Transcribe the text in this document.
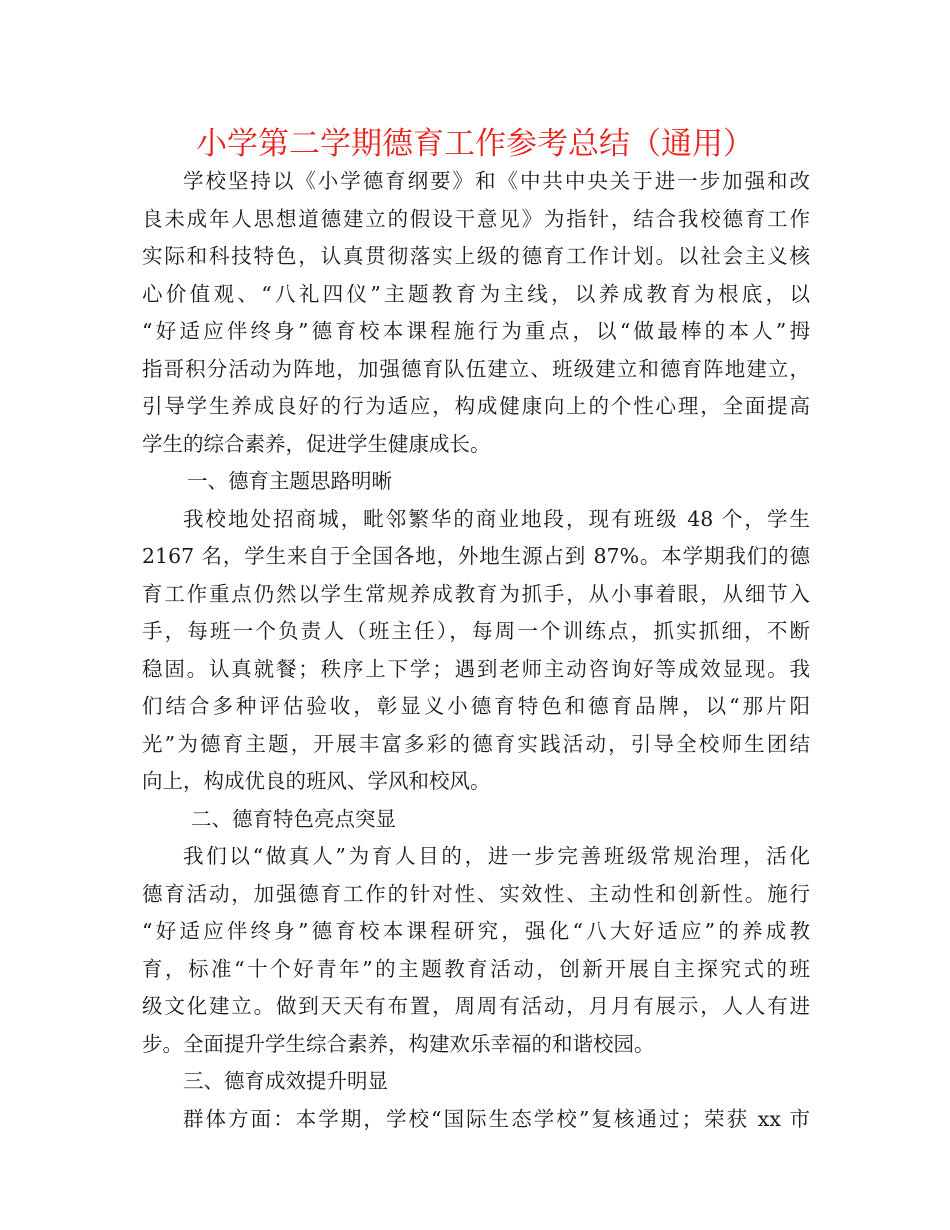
小学第二学期德育工作参考总结（通用）
学校坚持以《小学德育纲要》和《中共中央关于进一步加强和改
良未成年人思想道德建立的假设干意见》为指针，结合我校德育工作
实际和科技特色，认真贯彻落实上级的德育工作计划。以社会主义核
心价值观、“八礼四仪”主题教育为主线，以养成教育为根底，以
“好适应伴终身”德育校本课程施行为重点，以“做最棒的本人”拇
指哥积分活动为阵地，加强德育队伍建立、班级建立和德育阵地建立，
引导学生养成良好的行为适应，构成健康向上的个性心理，全面提高
学生的综合素养，促进学生健康成长。
一、德育主题思路明晰
我校地处招商城，毗邻繁华的商业地段，现有班级 48 个，学生
2167 名，学生来自于全国各地，外地生源占到 87%。本学期我们的德
育工作重点仍然以学生常规养成教育为抓手，从小事着眼，从细节入
手，每班一个负责人（班主任），每周一个训练点，抓实抓细，不断
稳固。认真就餐；秩序上下学；遇到老师主动咨询好等成效显现。我
们结合多种评估验收，彰显义小德育特色和德育品牌，以“那片阳
光”为德育主题，开展丰富多彩的德育实践活动，引导全校师生团结
向上，构成优良的班风、学风和校风。
二、德育特色亮点突显
我们以“做真人”为育人目的，进一步完善班级常规治理，活化
德育活动，加强德育工作的针对性、实效性、主动性和创新性。施行
“好适应伴终身”德育校本课程研究，强化“八大好适应”的养成教
育，标准“十个好青年”的主题教育活动，创新开展自主探究式的班
级文化建立。做到天天有布置，周周有活动，月月有展示，人人有进
步。全面提升学生综合素养，构建欢乐幸福的和谐校园。
三、德育成效提升明显
群体方面：本学期，学校“国际生态学校”复核通过；荣获 xx 市
